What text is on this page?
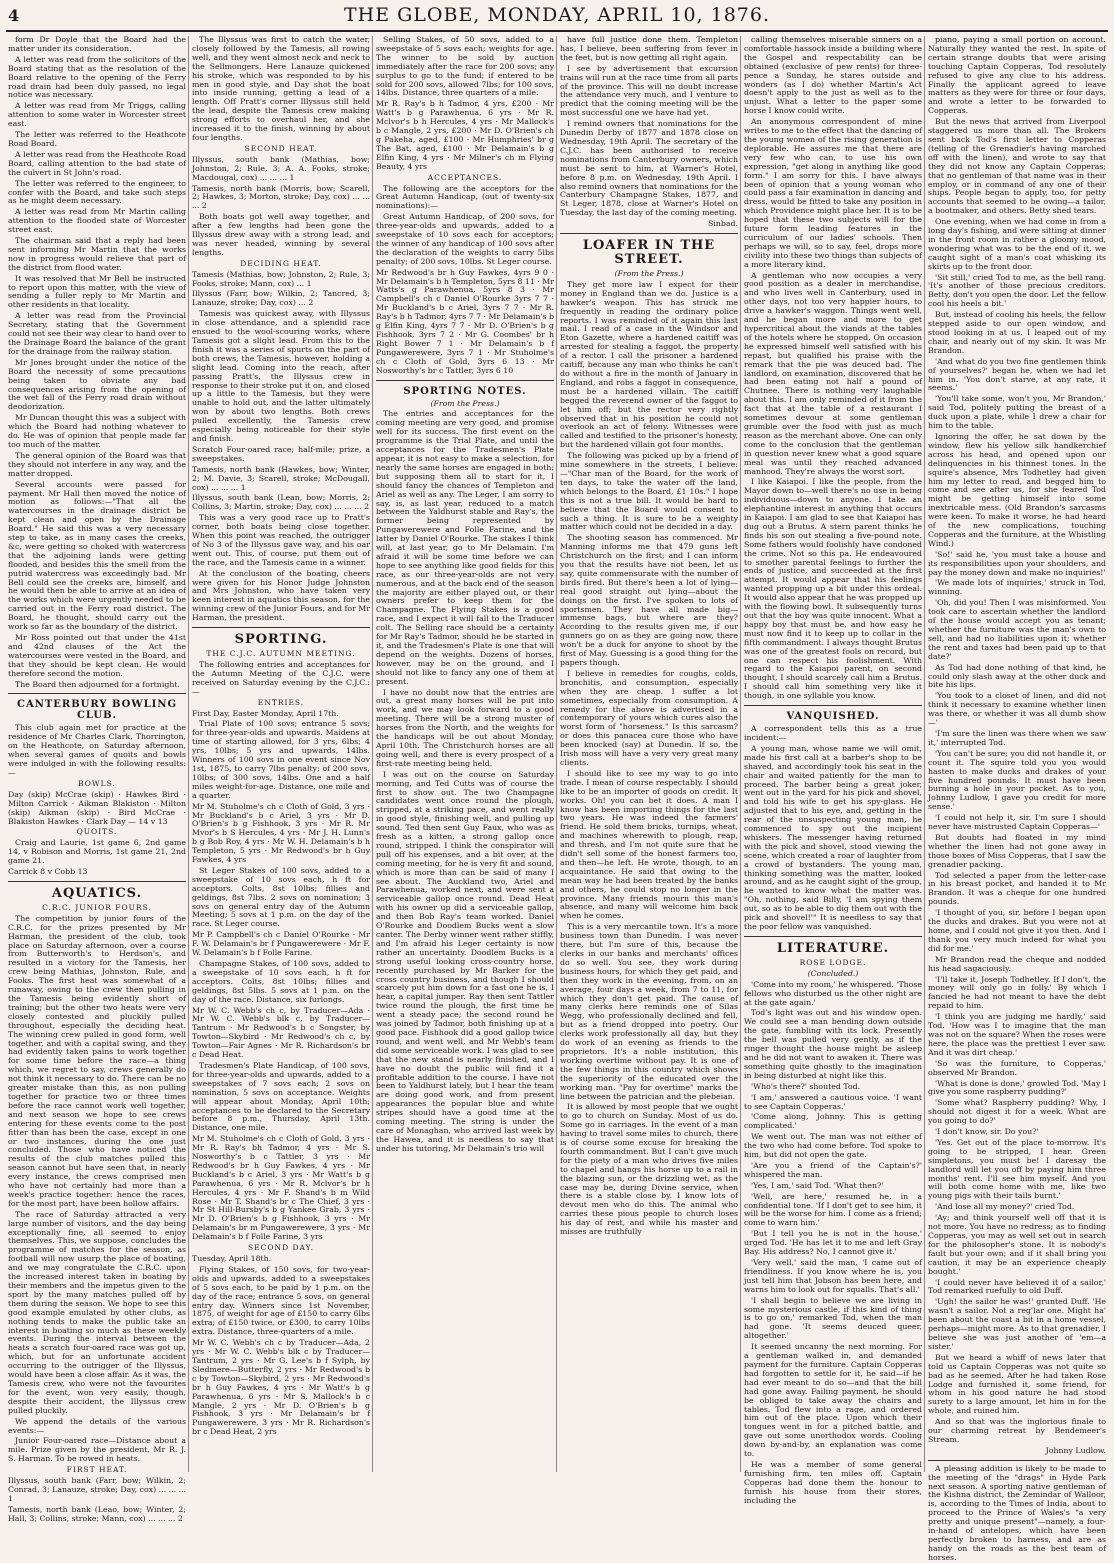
4	THE GLOBE, MONDAY, APRIL 10, 1876.

form Dr Doyle that the Board had the matter under its consideration.

A letter was read from the solicitors of the Board stating that as the resolution of the Board relative to the opening of the Ferry road drain had been duly passed, no legal notice was necessary.

A letter was read from Mr Triggs, calling attention to some water in Worcester street east.

The letter was referred to the Heathcote Road Board.

A letter was read from the Heathcote Road Board, calling attention to the bad state of the culvert in St John's road.

The letter was referred to the engineer, to confer with the Board, and take such steps as he might deem necessary.

A letter was read from Mr Martin calling attention to the flooded state of Worcester street east.

The chairman said that a reply had been sent informing Mr Martin that the works now in progress would relieve that part of the district from flood water.

It was resolved that Mr Bell be instructed to report upon this matter, with the view of sending a fuller reply to Mr Martin and other residents in that locality.

A letter was read from the Provincial Secretary, stating that the Government could not see their way clear to hand over to the Drainage Board the balance of the grant for the drainage from the railway station.

Mr Jones brought under the notice of the Board the necessity of some precautions being taken to obviate any bad consequences arising from the opening of the wet fall of the Ferry road drain without deodorization.

Mr Duncan thought this was a subject with which the Board had nothing whatever to do. He was of opinion that people made far too much of the matter.

The general opinion of the Board was that they should not interfere in any way, and the matter dropped.

Several accounts were passed for payment. Mr Hall then moved the notice of motion as follows:—"That all the watercourses in the drainage district be kept clean and open by the Drainage Board." He said this was a very necessary step to take, as in many cases the creeks, &c, were getting so choked with watercress that the adjoining lands were getting flooded, and besides this the smell from the putrid watercress was exceedingly bad. Mr Bell could see the creeks are, himself, and he would then be able to arrive at an idea of the works which were urgently needed to be carried out in the Ferry road district. The Board, he thought, should carry out the work so far as the boundary of the district.

Mr Ross pointed out that under the 41st and 42nd clauses of the Act the watercourses were vested in the Board, and that they should be kept clean. He would therefore second the motion.

The Board then adjourned for a fortnight.

CANTERBURY BOWLING CLUB.

This club again met for practice at the residence of Mr Charles Clark, Thorrington, on the Heathcote, on Saturday afternoon, when several games of quoits and bowls were indulged in with the following results:—

BOWLS.

Day (skip) McCrae (skip) · Hawkes Bird · Milton Carrick · Aikman Blakiston · Milton (skip) Aikman (skip) · Bird McCrae · Blakiston Hawkes · Clark Day — 14 v 13

QUOITS.

Craig and Laurie, 1st game 6, 2nd game 14, v Robison and Morris, 1st game 21, 2nd game 21.

Carrick 8 v Cobb 13

AQUATICS.
C.R.C. JUNIOR FOURS.

The competition by junior fours of the C.R.C. for the prizes presented by Mr Harman, the president of the club, took place on Saturday afternoon, over a course from Butterworth's to Herdson's, and resulted in a victory for the Tamesis, her crew being Mathias, Johnston, Rule, and Fooks. The first heat was somewhat of a runaway, owing to the crew then pulling in the Tamesis being evidently short of training; but the other two heats were very closely contested and pluckily pulled throughout, especially the deciding heat. The winning crew pulled in good form, well together, and with a capital swing, and they had evidently taken pains to work together for some time before the race—a thing which, we regret to say, crews generally do not think it necessary to do. There can be no greater mistake than this, as non pulling together for practice two or three times before the race cannot work well together, and next season we hope to see crews entering for these events come to the post fitter than has been the case, except in one or two instances, during the one just concluded. Those who have noticed the results of the club matches pulled this season cannot but have seen that, in nearly every instance, the crews comprised men who have not certainly had more than a week's practice together: hence the races, for the most part, have been hollow affairs.

The race of Saturday attracted a very large number of visitors, and the day being exceptionally fine, all seemed to enjoy themselves. This, we suppose, concludes the programme of matches for the season, as football will now usurp the place of boating, and we may congratulate the C.R.C. upon the increased interest taken in boating by their members and the impetus given to the sport by the many matches pulled off by them during the season. We hope to see this good example emulated by other clubs, as nothing tends to make the public take an interest in boating so much as these weekly events. During the interval between the heats a scratch four-oared race was got up, which, but for an unfortunate accident occurring to the outrigger of the Illyssus, would have been a close affair. As it was, the Tamesis crew, who were not the favourites for the event, won very easily, though, despite their accident, the Illyssus crew pulled pluckily.

We append the details of the various events:—

Junior Four-oared race—Distance about a mile. Prize given by the president, Mr R. J. S. Harman. To be rowed in heats.

FIRST HEAT.

Illyssus, south bank (Farr, bow; Wilkin, 2; Conrad, 3; Lanauze, stroke; Day, cox) ... ... ... 1

Tamesis, north bank (Leao, bow; Winter, 2; Hall, 3; Collins, stroke; Mann, cox) ... ... ... 2

The Illyssus was first to catch the water, closely followed by the Tamesis, all rowing well, and they went almost neck and neck to the Sellmongers. Here Lanauze quickened his stroke, which was responded to by his men in good style, and Day shot the boat into inside running, getting a lead of a length. Off Pratt's corner Illyssus still held the lead, despite the Tamesis crew making strong efforts to overhaul her, and she increased it to the finish, winning by about four lengths.

SECOND HEAT.

Illyssus, south bank (Mathias, bow; Johnston, 2; Rule, 3; A. A. Fooks, stroke; Macdougal, cox) ... ... ... 1

Tamesis, north bank (Morris, bow; Scarell, 2; Hawkes, 3; Morton, stroke; Day, cox) ... ... ... 2

Both boats got well away together, and after a few lengths had been gone the Illyssus drew away with a strong lead, and was never headed, winning by several lengths.

DECIDING HEAT.

Tamesis (Mathias, bow; Johnston, 2; Rule, 3; Fooks, stroke; Mann, cox) ... 1

Illyssus (Farr, bow; Wilkin, 2; Tancred, 3; Lanauze, stroke; Day, cox) ... 2

Tamesis was quickest away, with Illyssus in close attendance, and a splendid race ensued to the wool-scouring works, where Tamesis got a slight lead. From this to the finish it was a series of spurts on the part of both crews, the Tamesis, however, holding a slight lead. Coming into the reach, after passing Pratt's, the Illyssus crew in response to their stroke put it on, and closed up a little to the Tamesis, but they were unable to hold out, and the latter ultimately won by about two lengths. Both crews pulled excellently, the Tamesis crew especially being noticeable for their style and finish.

Scratch Four-oared race; half-mile; prize, a sweepstakes.

Tamesis, north bank (Hawkes, bow; Winter, 2; M. Davie, 3; Scarell, stroke; McDougall, cox) ... ... ... 1

Illyssus, south bank (Lean, bow; Morris, 2; Collins, 3; Martin, stroke; Day, cox) ... ... ... 2

This was a very good race up to Pratt's corner, both boats being close together. When this point was reached, the outrigger of No 3 of the Illyssus gave way, and his oar went out. This, of course, put them out of the race, and the Tamesis came in a winner.

At the conclusion of the boating, cheers were given for his Honor Judge Johnston and Mrs Johnston, who have taken very keen interest in aquatics this season, for the winning crew of the Junior Fours, and for Mr Harman, the president.

SPORTING.
THE C.J.C. AUTUMN MEETING.

The following entries and acceptances for the Autumn Meeting of the C.J.C. were received on Saturday evening by the C.J.C.:—

ENTRIES.

First Day, Easter Monday, April 17th.

Trial Plate of 100 sovs; entrance 5 sovs; for three-year-olds and upwards. Maidens at time of starting allowed, for 3 yrs, 6lbs; 4 yrs, 10lbs; 5 yrs and upwards, 14lbs. Winners of 100 sovs in one event since Nov 1st, 1875, to carry 7lbs penalty; of 200 sovs, 10lbs; of 300 sovs, 14lbs. One and a half miles weight-for-age. Distance, one mile and a quarter.

Mr M. Stuholme's ch c Cloth of Gold, 3 yrs · Mr Buckland's b c Ariel, 3 yrs · Mr D. O'Brien's b g Fishhook, 3 yrs · Mr R. Mr Mvor's b S Hercules, 4 yrs · Mr J. H. Lunn's b g Bob Roy, 4 yrs · Mr W. H. Delamain's b h Templeton, 5 yrs · Mr Redwood's br h Guy Fawkes, 4 yrs

St Leger Stakes of 100 sovs, added to a sweepstake of 10 sovs each, h ft for acceptors. Colts, 8st 10lbs; fillies and geldings, 8st 7lbs. 2 sovs on nomination; 3 sovs on general entry day of the Autumn Meeting; 5 sovs at 1 p.m. on the day of the race. St Leger course.

Mr P. Campbell's ch c Daniel O'Rourke · Mr F. W. Delamain's br f Pungawerewere · Mr F. W. Delamain's b f Folle Farine.

Champagne Stakes, of 100 sovs, added to a sweepstake of 10 sovs each, h ft for acceptors. Colts, 8st 10lbs; fillies and geldings, 8st 5lbs. 5 sovs at 1 p.m. on the day of the race. Distance, six furlongs.

Mr W. C. Webb's ch c, by Traducer—Ada · Mr W. C. Webb's blk c, by Traducer—Tantrum · Mr Redwood's b c Songster, by Towton—Skybird · Mr Redwood's ch c, by Towton—Fair Agnes · Mr R. Richardson's br c Dead Heat.

Tradesmen's Plate Handicap, of 100 sovs, for three-year-olds and upwards, added to a sweepstakes of 7 sovs each; 2 sovs on nomination, 5 sovs on acceptance. Weights will appear about Monday, April 10th; acceptances to be declared to the Secretary before 8 p.m., Thursday, April 13th. Distance, one mile.

Mr M. Stuholme's ch c Cloth of Gold, 3 yrs · Mr R. Ray's bh Tadmor, 4 yrs · Mr S. Nosworthy's b c Tattler, 3 yrs · Mr Redwood's br h Guy Fawkes, 4 yrs · Mr Buckland's b c Ariel, 3 yrs · Mr Watt's b g Parawhenua, 6 yrs · Mr R. Mclvor's br h Hercules, 4 yrs · Mr F. Shand's b m Wild Rose · Mr T. Shand's br c The Chief, 3 yrs · Mr St Hill-Bursby's b g Yankee Grab, 3 yrs · Mr D. O'Brien's b g Fishhook, 3 yrs · Mr Delamain's br m Pungawerewere, 3 yrs · Mr Delamain's b f Folle Farine, 3 yrs

SECOND DAY.

Tuesday, April 18th.

Flying Stakes, of 150 sovs, for two-year-olds and upwards, added to a sweepstakes of 5 sovs each, to be paid by 1 p.m. on the day of the race; entrance 5 sovs, on general entry day. Winners since 1st November, 1875, of weight for age of £150 to carry 6lbs extra; of £150 twice, or £300, to carry 10lbs extra. Distance, three-quarters of a mile.

Mr W. C. Webb's ch c by Traducer—Ada, 2 yrs · Mr W. C. Webb's blk c by Traducer—Tantrum, 2 yrs · Mr G. Lee's b f Sylph, by Sledmere—Butterfly, 2 yrs · Mr Redwood's b c by Towton—Skybird, 2 yrs · Mr Redwood's br h Guy Fawkes, 4 yrs · Mr Watt's b g Parawhenua, 6 yrs · Mr S. Mallock's b c Mangle, 2 yrs · Mr D. O'Brien's b g Fishhook, 3 yrs · Mr Delamain's br f Pungawerewere, 3 yrs · Mr R. Richardson's br c Dead Heat, 2 yrs

Selling Stakes, of 50 sovs, added to a sweepstake of 5 sovs each; weights for age. The winner to be sold by auction immediately after the race for 200 sovs; any surplus to go to the fund; if entered to be sold for 200 sovs, allowed 7lbs; for 100 sovs, 14lbs. Distance, three quarters of a mile.

Mr R. Ray's b h Tadmor, 4 yrs, £200 · Mr Watt's b g Parawhenua, 6 yrs · Mr R. Mclvor's b h Hercules, 4 yrs · Mr Mallock's b c Mangle, 2 yrs, £200 · Mr D. O'Brien's ch g Pakeha, aged, £100 · Mr Humphries' br g The Bat, aged, £100 · Mr Delamain's b g Elfin King, 4 yrs · Mr Milner's ch m Flying Beauty, 4 yrs

ACCEPTANCES.

The following are the acceptors for the Great Autumn Handicap, (out of twenty-six nominations):—

Great Autumn Handicap, of 200 sovs, for three-year-olds and upwards, added to a sweepstake of 10 sovs each for acceptors; the winner of any handicap of 100 sovs after the declaration of the weights to carry 5lbs penalty; of 200 sovs, 10lbs. St Leger course.

Mr Redwood's br h Guy Fawkes, 4yrs 9 0 · Mr Delamain's b h Templeton, 5yrs 8 11 · Mr Watts's g Parawhenua, 5yrs 8 3 · Mr Campbell's ch c Daniel O'Rourke 3yrs 7 7 · Mr Buckland's b c Ariel, 3yrs 7 7 · Mr R. Ray's b h Tadmor, 4yrs 7 7 · Mr Delamain's b g Elfin King, 4yrs 7 7 · Mr D. O'Brien's b g Fishhook, 3yrs 7 2 · Mr G. Coombes' br h Right Bower 7 1 · Mr Delamain's b f Pungawerewere, 3yrs 7 1 · Mr Stuholme's ch c Cloth of Gold, 3yrs 6 13 · Mr Nosworthy's br c Tattler, 3yrs 6 10

SPORTING NOTES.
(From the Press.)

The entries and acceptances for the coming meeting are very good, and promise well for its success. The first event on the programme is the Trial Plate, and until the acceptances for the Tradesmen's Plate appear, it is not easy to make a selection, for nearly the same horses are engaged in both; but supposing them all to start for it, I should fancy the chances of Templeton and Ariel as well as any. The Leger, I am sorry to say, is, as last year, reduced to a match between the Yaldhurst stable and Ray's, the former being represented by Pungawerewere and Folle Farine, and the latter by Daniel O'Rourke. The stakes I think will, at last year, go to Mr Delamain. I'm afraid it will be some time before we can hope to see anything like good fields for this race, as our three-year-olds are not very numerous, and at the back end of the season the majority are either played out, or their owners prefer to keep them for the Champagne. The Flying Stakes is a good race, and I expect it will fall to the Traducer colt. The Selling race should be a certainty for Mr Ray's Tadmor, should he be started in it, and the Tradesmen's Plate is one that will depend on the weights. Dozens of horses, however, may be on the ground, and I should not like to fancy any one of them at present.

I have no doubt now that the entries are out, a great many horses will be put into work, and we may look forward to a good meeting. There will be a strong muster of horses from the North, and the weights for the handicaps will be out about Monday, April 10th. The Christchurch horses are all going well, and there is every prospect of a first-rate meeting being held.

I was out on the course on Saturday morning, and Ted Cutts was of course the first to show out. The two Champagne candidates went once round the plough, stripped, at a striking pace, and went really in good style, finishing well, and pulling up sound. Ted then sent Guy Faux, who was as fresh as a kitten, a strong gallop once round, stripped. I think the conspirator will pull off his expenses, and a bit over, at the coming meeting, for he is very fit and sound, which is more than can be said of many I see about. The Auckland two, Ariel and Parawhenua, worked next, and were sent a serviceable gallop once round. Dead Heat with his owner up did a serviceable gallop, and then Bob Ray's team worked. Daniel O'Rourke and Doodlem Bucks went a slow canter. The Derby winner went rather stiffly, and I'm afraid his Leger certainty is now rather an uncertainty. Doodlem Bucks is a strong useful looking cross-country horse, recently purchased by Mr Barker for the cross country business, and though I should scarcely put him down for a fast one he is, I hear, a capital jumper. Ray then sent Tattler twice round the plough, the first time he went a steady pace; the second round he was joined by Tadmor, both finishing up at a good pace. Fishhook did a good gallop twice round, and went well, and Mr Webb's team did some serviceable work. I was glad to see that the new stand is nearly finished, and I have no doubt the public will find it a profitable addition to the course. I have not been to Yaldhurst lately, but I hear the team are doing good work, and from present appearances the popular blue and white stripes should have a good time at the coming meeting. The string is under the care of Monaghan, who arrived last week by the Hawea, and it is needless to say that under his tutoring, Mr Delamain's trio will

have full justice done them. Templeton has, I believe, been suffering from fever in the feet, but is now getting all right again.

I see by advertisement that excursion trains will run at the race time from all parts of the province. This will no doubt increase the attendance very much, and I venture to predict that the coming meeting will be the most successful one we have had yet.

I remind owners that nominations for the Dunedin Derby of 1877 and 1878 close on Wednesday, 19th April. The secretary of the C.J.C. has been authorised to receive nominations from Canterbury owners, which must be sent to him, at Warner's Hotel, before 8 p.m. on Wednesday, 19th April. I also remind owners that nominations for the Canterbury Champagne Stakes, 1877, and St Leger, 1878, close at Warner's Hotel on Tuesday, the last day of the coming meeting.

Sinbad.
LOAFER IN THE STREET.
(From the Press.)

They get more law I expect for their money in England than we do. Justice is a hawker's weapon. This has struck me frequently in reading the ordinary police reports. I was reminded of it again this last mail. I read of a case in the Windsor and Eton Gazette, where a hardened caitiff was arrested for stealing a faggot, the property of a rector. I call the prisoner a hardened caitiff, because any man who thinks he can't do without a fire in the month of January in England, and robs a faggot in consequence, must be a hardened villain. The caitiff begged the reverend owner of the faggot to let him off; but the rector very rightly observed that in his position he could not overlook an act of felony. Witnesses were called and testified to the prisoner's honesty, but the hardened villain got four months.

The following was picked up by a friend of mine somewhere in the streets, I believe:—"Char man of the Board, for the work of ten days, to take the water off the land, which belongs to the Board, £1 10s." I hope this is not a true bill. It would be hard to believe that the Board would consent to such a thing. It is sure to be a weighty matter which could not be decided in a day.

The shooting season has commenced. Mr Manning informs me that 479 guns left Christchurch on the first; and I can inform you that the results have not been, let us say, quite commensurate with the number of birds fired. But there's been a lot of lying—real good straight out lying—about the doings on the first. I've spoken to lots of sportsmen. They have all made big—immense bags, but where are they? According to the results given me, if our gunners go on as they are going now, there won't be a duck for anyone to shoot by the first of May. Guessing is a good thing for the papers though.

I believe in remedies for coughs, colds, bronchitis, and consumption, especially when they are cheap. I suffer a lot sometimes, especially from consumption. A remedy for the above is advertised in a contemporary of yours which cures also the worst form of "horseness." Is this sarcasm? or does this panacea cure those who have been knocked (say) at Dunedin. If so, the Irish moss will have a very very great many clients.

I should like to see my way to go into trade. I mean of course respectably. I should like to be an importer of goods on credit. It works. Oh! you can bet it does. A man I know has been importing things for the last two years. He was indeed the farmers' friend. He sold them bricks, turnips, wheat, and machines wherewith to plough, reap, and thresh, and I'm not quite sure that he didn't sell some of the honest farmers too, and then—he left. He wrote, though, to an acquaintance. He said that owing to the mean way he had been treated by the banks and others, he could stop no longer in the province. Many friends mourn this man's absence, and many will welcome him back when he comes.

This is a very mercantile town. It's a more business town than Dunedin. I was never there, but I'm sure of this, because the clerks in our banks and merchants' offices do so well. You see, they work during business hours, for which they get paid, and then they work in the evening, from, on an average, four days a week, from 7 to 11, for which they don't get paid. The cause of many clerks here reminds one of Silas Wegg, who professionally declined and fell, but as a friend dropped into poetry. Our clerks work professionally all day, but they do work of an evening as friends to the proprietors. It's a noble institution, this working overtime without pay. It is one of the few things in this country which shows the superiority of the educated over the working man. "Pay for overtime" marks the line between the patrician and the plebeian.

It is allowed by most people that we ought to go to church on Sunday. Most of us do. Some go in carriages. In the event of a man having to travel some miles to church, there is of course some excuse for breaking the fourth commandment. But I can't give much for the piety of a man who drives five miles to chapel and hangs his horse up to a rail in the blazing sun, or the drizzling wet, as the case may be, during Divine service, when there is a stable close by. I know lots of devout men who do this. The animal who carries these pious people to church loses his day of rest, and while his master and misses are truthfully

calling themselves miserable sinners on a comfortable hassock inside a building where the Gospel and respectability can be obtained (exclusive of pew rents) for three-pence a Sunday, he stares outside and wonders (as I do) whether Martin's Act doesn't apply to the just as well as to the unjust. What a letter to the paper some horse I know could write.

An anonymous correspondent of mine writes to me to the effect that the dancing of the young women of the rising generation is deplorable. He assures me that there are very few who can, to use his own expression, "get along in anything like good form." I am sorry for this. I have always been of opinion that a young woman who could pass a fair examination in dancing and dress, would be fitted to take any position in which Providence might place her. It is to be hoped that these two subjects will for the future form leading features in the curriculum of our ladies' schools. Then perhaps we will, so to say, feel, drops more civility into these two things than subjects of a more literary kind.

A gentleman who now occupies a very good position as a dealer in merchandise, and who lives well in Canterbury, used in other days, not too very happier hours, to drive a hawker's waggon. Things went well, and he began more and more to get hypercritical about the viands at the tables of the hotels where he stopped. On occasion he expressed himself well satisfied with his repast, but qualified his praise with the remark that the pie was deuced bad. The landlord, on examination, discovered that he had been eating not half a pound of Chutnee. There is nothing very laughable about this. I am only reminded of it from the fact that at the table of a restaurant I sometimes devour at some gentleman grumble over the food with just as much reason as the merchant above. One can only come to the conclusion that the gentleman in question never knew what a good square meal was until they reached advanced manhood. They're always the worst sort.

I like Kaiapoi. I like the people, from the Mayor down to—well there's no use in being individuous—down to anyone. I take an elephantine interest in anything that occurs in Kaiapoi. I am glad to see that Kaiapoi has dug out a Brutus. A stern parent thinks he finds his son out stealing a five-pound note. Some fathers would foolishly have condoned the crime. Not so this pa. He endeavoured to smother parental feelings to further the ends of justice, and succeeded at the first attempt. It would appear that his feelings wanted propping up a bit under this ordeal. It would also appear that he was propped up with the flowing bowl. It subsequently turns out that the boy was quite innocent. What a happy boy that must be, and how easy he must now find it to keep up to collar in the fifth commandment. I always thought Brutus was one of the greatest fools on record, but one can respect his foolishment. With regard to the Kaiapoi parent, on second thought, I should scarcely call him a Brutus. I should call him something very like it though, in one syllable you know.

VANQUISHED.

A correspondent tells this as a true incident:—

A young man, whose name we will omit, made his first call at a barber's shop to be shaved, and accordingly took his seat in the chair and waited patiently for the man to proceed. The barber being a great joker, went out in the yard for his pick and shovel, and told his wife to get his spy-glass. He adjusted that to his eye, and, getting in the rear of the unsuspecting young man, he commenced to spy out the incipient whiskers. The messenger having returned with the pick and shovel, stood viewing the scene, which created a roar of laughter from a crowd of bystanders. The young man, thinking something was the matter, looked around, and as he caught sight of the group, he wanted to know what the matter was. "Oh, nothing, said Billy, 'I am spying them out, so as to be able to dig them out with the pick and shovel!'" It is needless to say that the poor fellow was vanquished.

LITERATURE.
ROSE LODGE.
(Concluded.)

'Come into my room,' he whispered. 'Those fellows who disturbed us the other night are at the gate again.'

Tod's light was out and his window open. We could see a man bending down outside the gate, fumbling with its lock. Presently the bell was pulled very gently, as if the ringer thought the house might be asleep and he did not want to awaken it. There was something quite ghostly to the imagination in being disturbed at night like this.

'Who's there?' shouted Tod.

'I am,' answered a cautious voice. 'I want to see Captain Copperas.'

'Come along, Johnny. This is getting complicated.'

We went out. The man was not either of the two who had come before. Tod spoke to him, but did not open the gate.

'Are you a friend of the Captain's?' whispered the man.

'Yes, I am,' said Tod. 'What then?'

'Well, are here,' resumed he, in a confidential tone. 'If I don't get to see him, it will be the worse for him. I come as a friend; come to warn him.'

'But I tell you he is not in the house,' urged Tod. 'He has let it to me and left Gray Bay. His address? No, I cannot give it.'

'Very well,' said the man, 'I came out of friendliness. If you know where he is, you just tell him that Jobson has been here, and warns him to look out for squalls. That's all.'

'I shall begin to believe we are living in some mysterious castle, if this kind of thing is to go on,' remarked Tod, when the man had gone. 'It seems deuced queer, altogether.'

It seemed uncanny the next morning. For a gentleman walked in, and demanded payment for the furniture. Captain Copperas had forgotten to settle for it, he said—if he had ever meant to do so—and that the bill had gone away. Failing payment, he should be obliged to take away the chairs and tables. Tod flew into a rage, and ordered him out of the place. Upon which their tongues went in for a pitched battle, and gave out some unorthodox words. Cooling down by-and-by, an explanation was come to.

He was a member of some general furnishing firm, ten miles off. Captain Copperas had done them the honour to furnish his house from their stores, including the

piano, paying a small portion on account. Naturally they wanted the rest. In spite of certain strange doubts that were arising touching Captain Copperas, Tod resolutely refused to give any clue to his address. Finally the applicant agreed to leave matters as they were for three or four days, and wrote a letter to be forwarded to Copperas.

But the news that arrived from Liverpool staggered us more than all. The Brokers sent back Tod's first letter to Copperas (telling of the Grenadier's having marched off with the linen), and wrote to say that they did not know any Captain Copperas; that no gentleman of that name was in their employ, or in command of any one of their ships. People began to apply, too, for petty accounts that seemed to be owing—a tailor, a bootmaker, and others. Betty shed tears.

One evening, when we had come in from a long day's fishing, and were sitting at dinner in the front room in rather a gloomy mood, wondering what was to be the end of it, we caught sight of a man's coat whisking its skirts up to the front door.

'Sit still,' cried Tod to me, as the bell rang. 'It's another of those precious creditors. Betty, don't you open the door. Let the fellow cool his heels a bit.'

But, instead of cooling his heels, the fellow stepped aside to our open window, and stood looking in at us. I leaped out of my chair, and nearly out of my skin. It was Mr Brandon.

'And what do you two fine gentlemen think of yourselves?' began he, when we had let him in. 'You don't starve, at any rate, it seems.'

'You'll take some, won't you, Mr Brandon,' said Tod, politely putting the breast of a duck upon a plate, while I drew a chair for him to the table.

Ignoring the offer, he sat down by the window, flew his yellow silk handkerchief across his head, and opened upon our delinquencies in his thinnest tones. In the squire's absence, Mrs Todhetley had given him my letter to read, and begged him to come and see after us, for she feared Tod might be getting himself into some inextricable mess. (Old Brandon's sarcasms were keen. To make it worse, he had heard of the new complications, touching Copperas and the furniture, at the Whistling Wind.)

'So!' said he, 'you must take a house and its responsibilities upon your shoulders, and pay the money down and make no inquiries!'

'We made lots of inquiries,' struck in Tod, winning.

'Oh, did you! Then I was misinformed. You took care to ascertain whether the landlord of the house would accept you as tenant; whether the furniture was the man's own to sell, and had no liabilities upon it; whether the rent and taxes had been paid up to that date?'

As Tod had done nothing of that kind, he could only slash away at the other duck and bite his lips.

'You took to a closet of linen, and did not think it necessary to examine whether linen was there, or whether it was all dumb show—'

'I'm sure the linen was there when we saw it,' interrupted Tod.

'You can't be sure; you did not handle it, or count it. The squire told you you would hasten to make ducks and drakes of your five hundred pounds. It must have been burning a hole in your pocket. As to you, Johnny Ludlow, I gave you credit for more sense.'

'I could not help it, sir. I'm sure I should never have mistrusted Captain Copperas—'

But doubts had floated in my mind whether the linen had not gone away in those boxes of Miss Copperas, that I saw the grenadier packing.

Tod selected a paper from the letter-case in his breast pocket, and handed it to Mr Brandon. It was a cheque for one hundred pounds.

'I thought of you, sir, before I began upon the ducks and drakes. But you were not at home, and I could not give it you then. And I thank you very much indeed for what you did for me.'

Mr Brandon read the cheque and nodded his head sagaciously.

'I'll take it, Joseph Todhetley. If I don't, the money will only go in folly.' By which I fancied he had not meant to have the debt repaid to him.

'I think you are judging me hardly,' said Tod. 'How was I to imagine that the man was not on the square? When the roses were here, the place was the prettiest I ever saw. And it was dirt cheap.'

'So was the furniture, to Copperas,' observed Mr Brandon.

'What is done is done,' growled Tod. 'May I give you some raspberry pudding?'

'Some what? Raspberry pudding? Why, I should not digest it for a week. What are you going to do?'

'I don't know, sir. Do you?'

'Yes. Get out of the place to-morrow. It's going to be stripped, I hear. Green simpletons, you must be! I daresay the landlord will let you off by paying him three months' rent. I'll see him myself. And you will both come home with me, like two young pigs with their tails burnt.'

'And lose all my money?' cried Tod.

'Ay; and think yourself well off that it is not more. You have no redress; as to finding Copperas, you may as well set out in search for the philosopher's stone. It is nobody's fault but your own; and if it shall bring you caution, it may be an experience cheaply bought.'

'I could never have believed it of a sailor,' Tod remarked ruefully to old Duff.

'Ugh! the sailor he was!' grunted Duff. 'He wasn't a sailor. Not a reg'lar one. Might ha' been about the coast a bit in a home vessel, perhaps—might more. As to that grenadier, I believe she was just another of 'em—a sister.'

But we heard a whiff of news later that told us Captain Copperas was not quite so bad as he seemed. After he had taken Rose Lodge and furnished it, some friend, for whom in his good nature he had stood surety to a large amount, let him in for the whole, and ruined him.

And so that was the inglorious finale to our charming retreat by Bendemeer's Stream.

Johnny Ludlow.

A pleasing addition is likely to be made to the meeting of the "drags" in Hyde Park next season. A sporting native gentleman of the Kishna district, the Zemindar of Walloor, is, according to the Times of India, about to proceed to the Prince of Wales's "a very pretty and unique present"—namely, a four-in-hand of antelopes, which have been perfectly broken to harness, and are as handy on the roads as the best team of horses.
